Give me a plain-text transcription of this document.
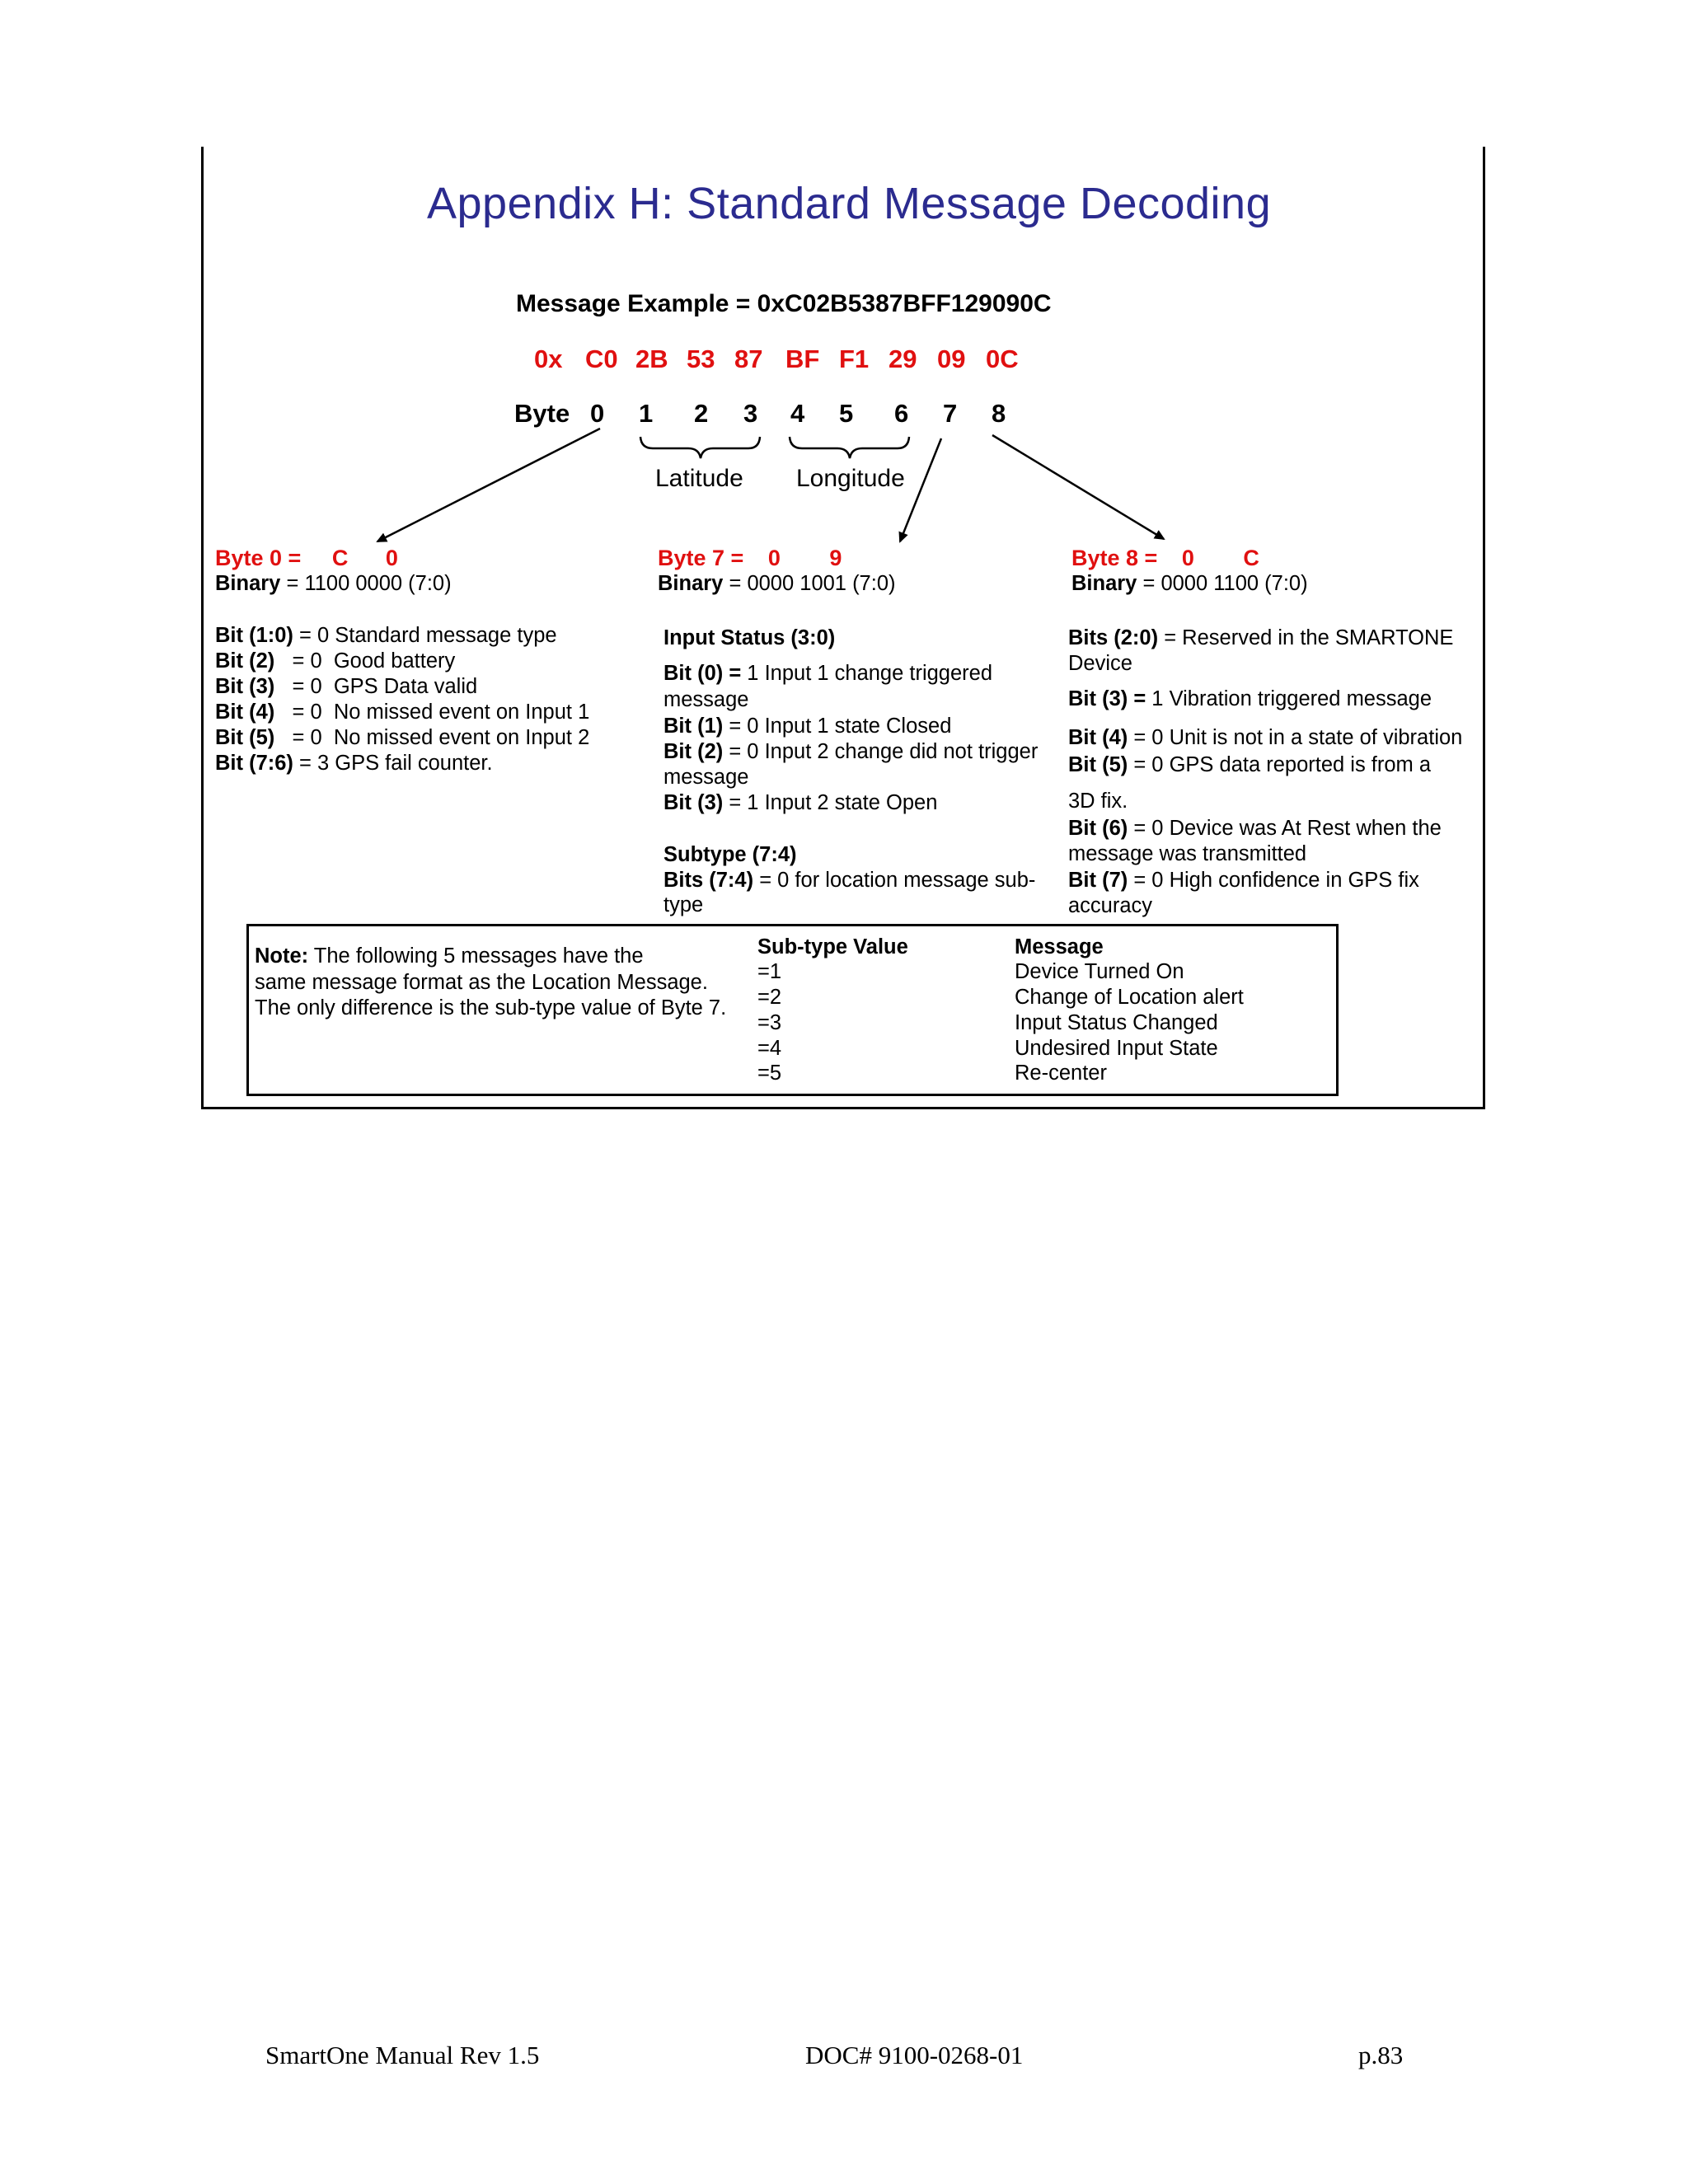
Appendix H: Standard Message Decoding
Message Example = 0xC02B5387BFF129090C
0x C0 2B 53 87 BF F1 29 09 0C
Byte 0 1 2 3 4 5 6 7 8
Latitude Longitude
Byte 0 = C 0
Binary = 1100 0000 (7:0)
Bit (1:0) = 0 Standard message type
Bit (2)   = 0  Good battery
Bit (3)   = 0  GPS Data valid
Bit (4)   = 0  No missed event on Input 1
Bit (5)   = 0  No missed event on Input 2
Bit (7:6) = 3 GPS fail counter.
Byte 7 = 0 9
Binary = 0000 1001 (7:0)
Input Status (3:0)
Bit (0) = 1 Input 1 change triggered
message
Bit (1) = 0 Input 1 state Closed
Bit (2) = 0 Input 2 change did not trigger
message
Bit (3) = 1 Input 2 state Open
Subtype (7:4)
Bits (7:4) = 0 for location message sub-
type
Byte 8 = 0 C
Binary = 0000 1100 (7:0)
Bits (2:0) = Reserved in the SMARTONE
Device
Bit (3) = 1 Vibration triggered message
Bit (4) = 0 Unit is not in a state of vibration
Bit (5) = 0 GPS data reported is from a
3D fix.
Bit (6) = 0 Device was At Rest when the
message was transmitted
Bit (7) = 0 High confidence in GPS fix
accuracy
Note: The following 5 messages have the
same message format as the Location Message.
The only difference is the sub-type value of Byte 7.
Sub-type Value	Message
=1	Device Turned On
=2	Change of Location alert
=3	Input Status Changed
=4	Undesired Input State
=5	Re-center
SmartOne Manual Rev 1.5	DOC# 9100-0268-01	p.83
